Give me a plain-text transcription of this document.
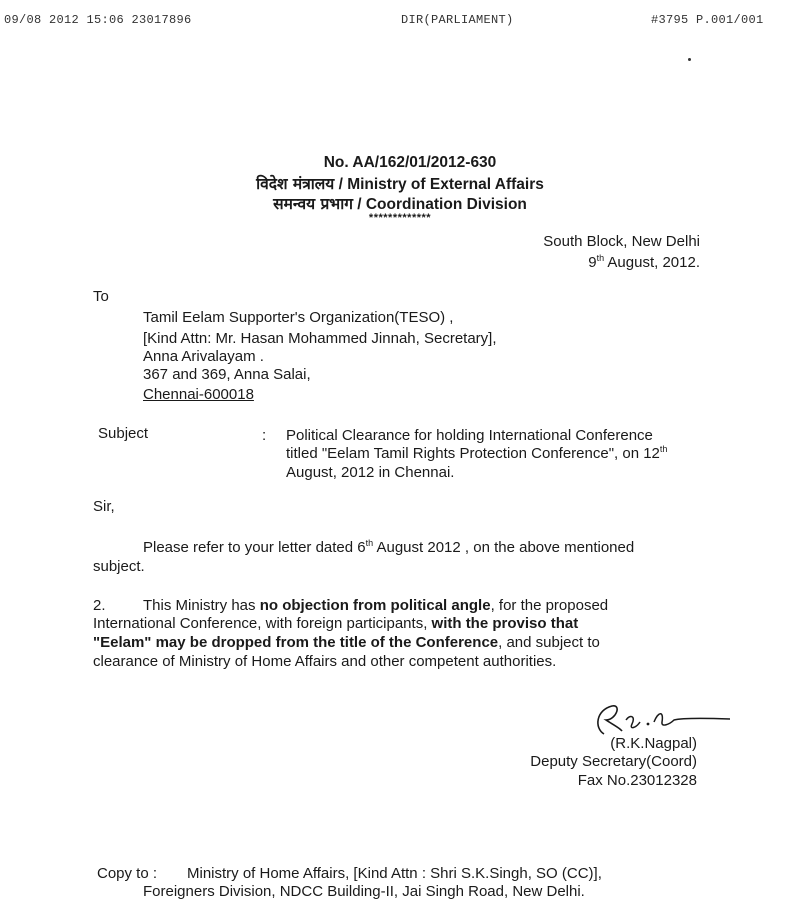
09/08 2012 15:06 23017896	DIR(PARLIAMENT)	#3795 P.001/001
No. AA/162/01/2012-630
विदेश मंत्रालय / Ministry of External Affairs
समन्वय प्रभाग / Coordination Division
*************
South Block, New Delhi
9th August, 2012.
To
Tamil Eelam Supporter's Organization(TESO) ,
[Kind Attn: Mr. Hasan Mohammed Jinnah, Secretary],
Anna Arivalayam .
367 and 369, Anna Salai,
Chennai-600018
Subject	: Political Clearance for holding International Conference
titled "Eelam Tamil Rights Protection Conference", on 12th
August, 2012 in Chennai.
Sir,
Please refer to your letter dated 6th August 2012 , on the above mentioned
subject.
2. This Ministry has no objection from political angle, for the proposed
International Conference, with foreign participants, with the proviso that
"Eelam" may be dropped from the title of the Conference, and subject to
clearance of Ministry of Home Affairs and other competent authorities.
(R.K.Nagpal)
Deputy Secretary(Coord)
Fax No.23012328
Copy to : Ministry of Home Affairs, [Kind Attn : Shri S.K.Singh, SO (CC)],
Foreigners Division, NDCC Building-II, Jai Singh Road, New Delhi.
